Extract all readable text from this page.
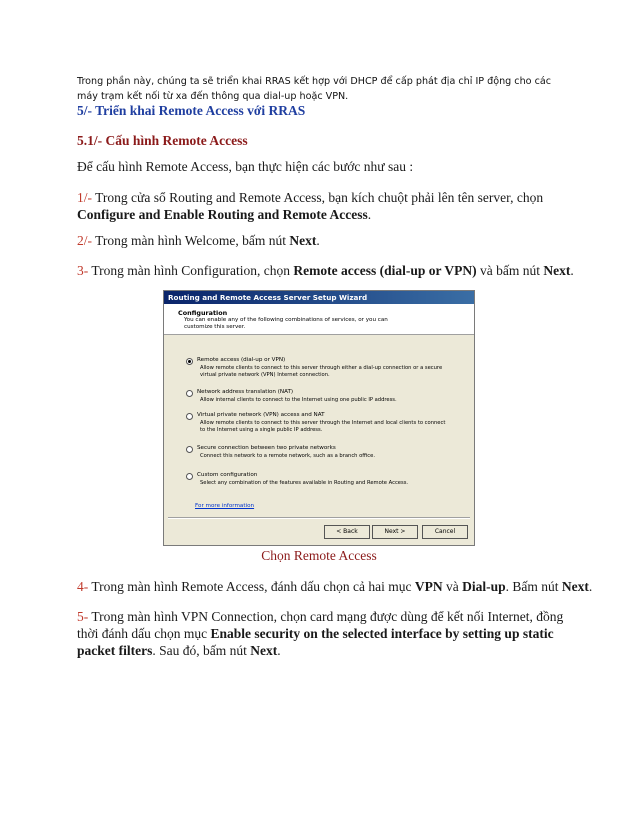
Trong phần này, chúng ta sẽ triển khai RRAS kết hợp với DHCP để cấp phát địa chỉ IP động cho các máy trạm kết nối từ xa đến thông qua dial-up hoặc VPN.
5/- Triển khai Remote Access với RRAS
5.1/- Cấu hình Remote Access
Để cấu hình Remote Access, bạn thực hiện các bước như sau :
1/- Trong cửa sổ Routing and Remote Access, bạn kích chuột phải lên tên server, chọn Configure and Enable Routing and Remote Access.
2/- Trong màn hình Welcome, bấm nút Next.
3- Trong màn hình Configuration, chọn Remote access (dial-up or VPN) và bấm nút Next.
Routing and Remote Access Server Setup Wizard
Configuration
You can enable any of the following combinations of services, or you can customize this server.
Remote access (dial-up or VPN)
Allow remote clients to connect to this server through either a dial-up connection or a secure virtual private network (VPN) Internet connection.
Network address translation (NAT)
Allow internal clients to connect to the Internet using one public IP address.
Virtual private network (VPN) access and NAT
Allow remote clients to connect to this server through the Internet and local clients to connect to the Internet using a single public IP address.
Secure connection between two private networks
Connect this network to a remote network, such as a branch office.
Custom configuration
Select any combination of the features available in Routing and Remote Access.
For more information
< Back	Next >	Cancel
Chọn Remote Access
4- Trong màn hình Remote Access, đánh dấu chọn cả hai mục VPN và Dial-up. Bấm nút Next.
5- Trong màn hình VPN Connection, chọn card mạng được dùng để kết nối Internet, đồng thời đánh dấu chọn mục Enable security on the selected interface by setting up static packet filters. Sau đó, bấm nút Next.
